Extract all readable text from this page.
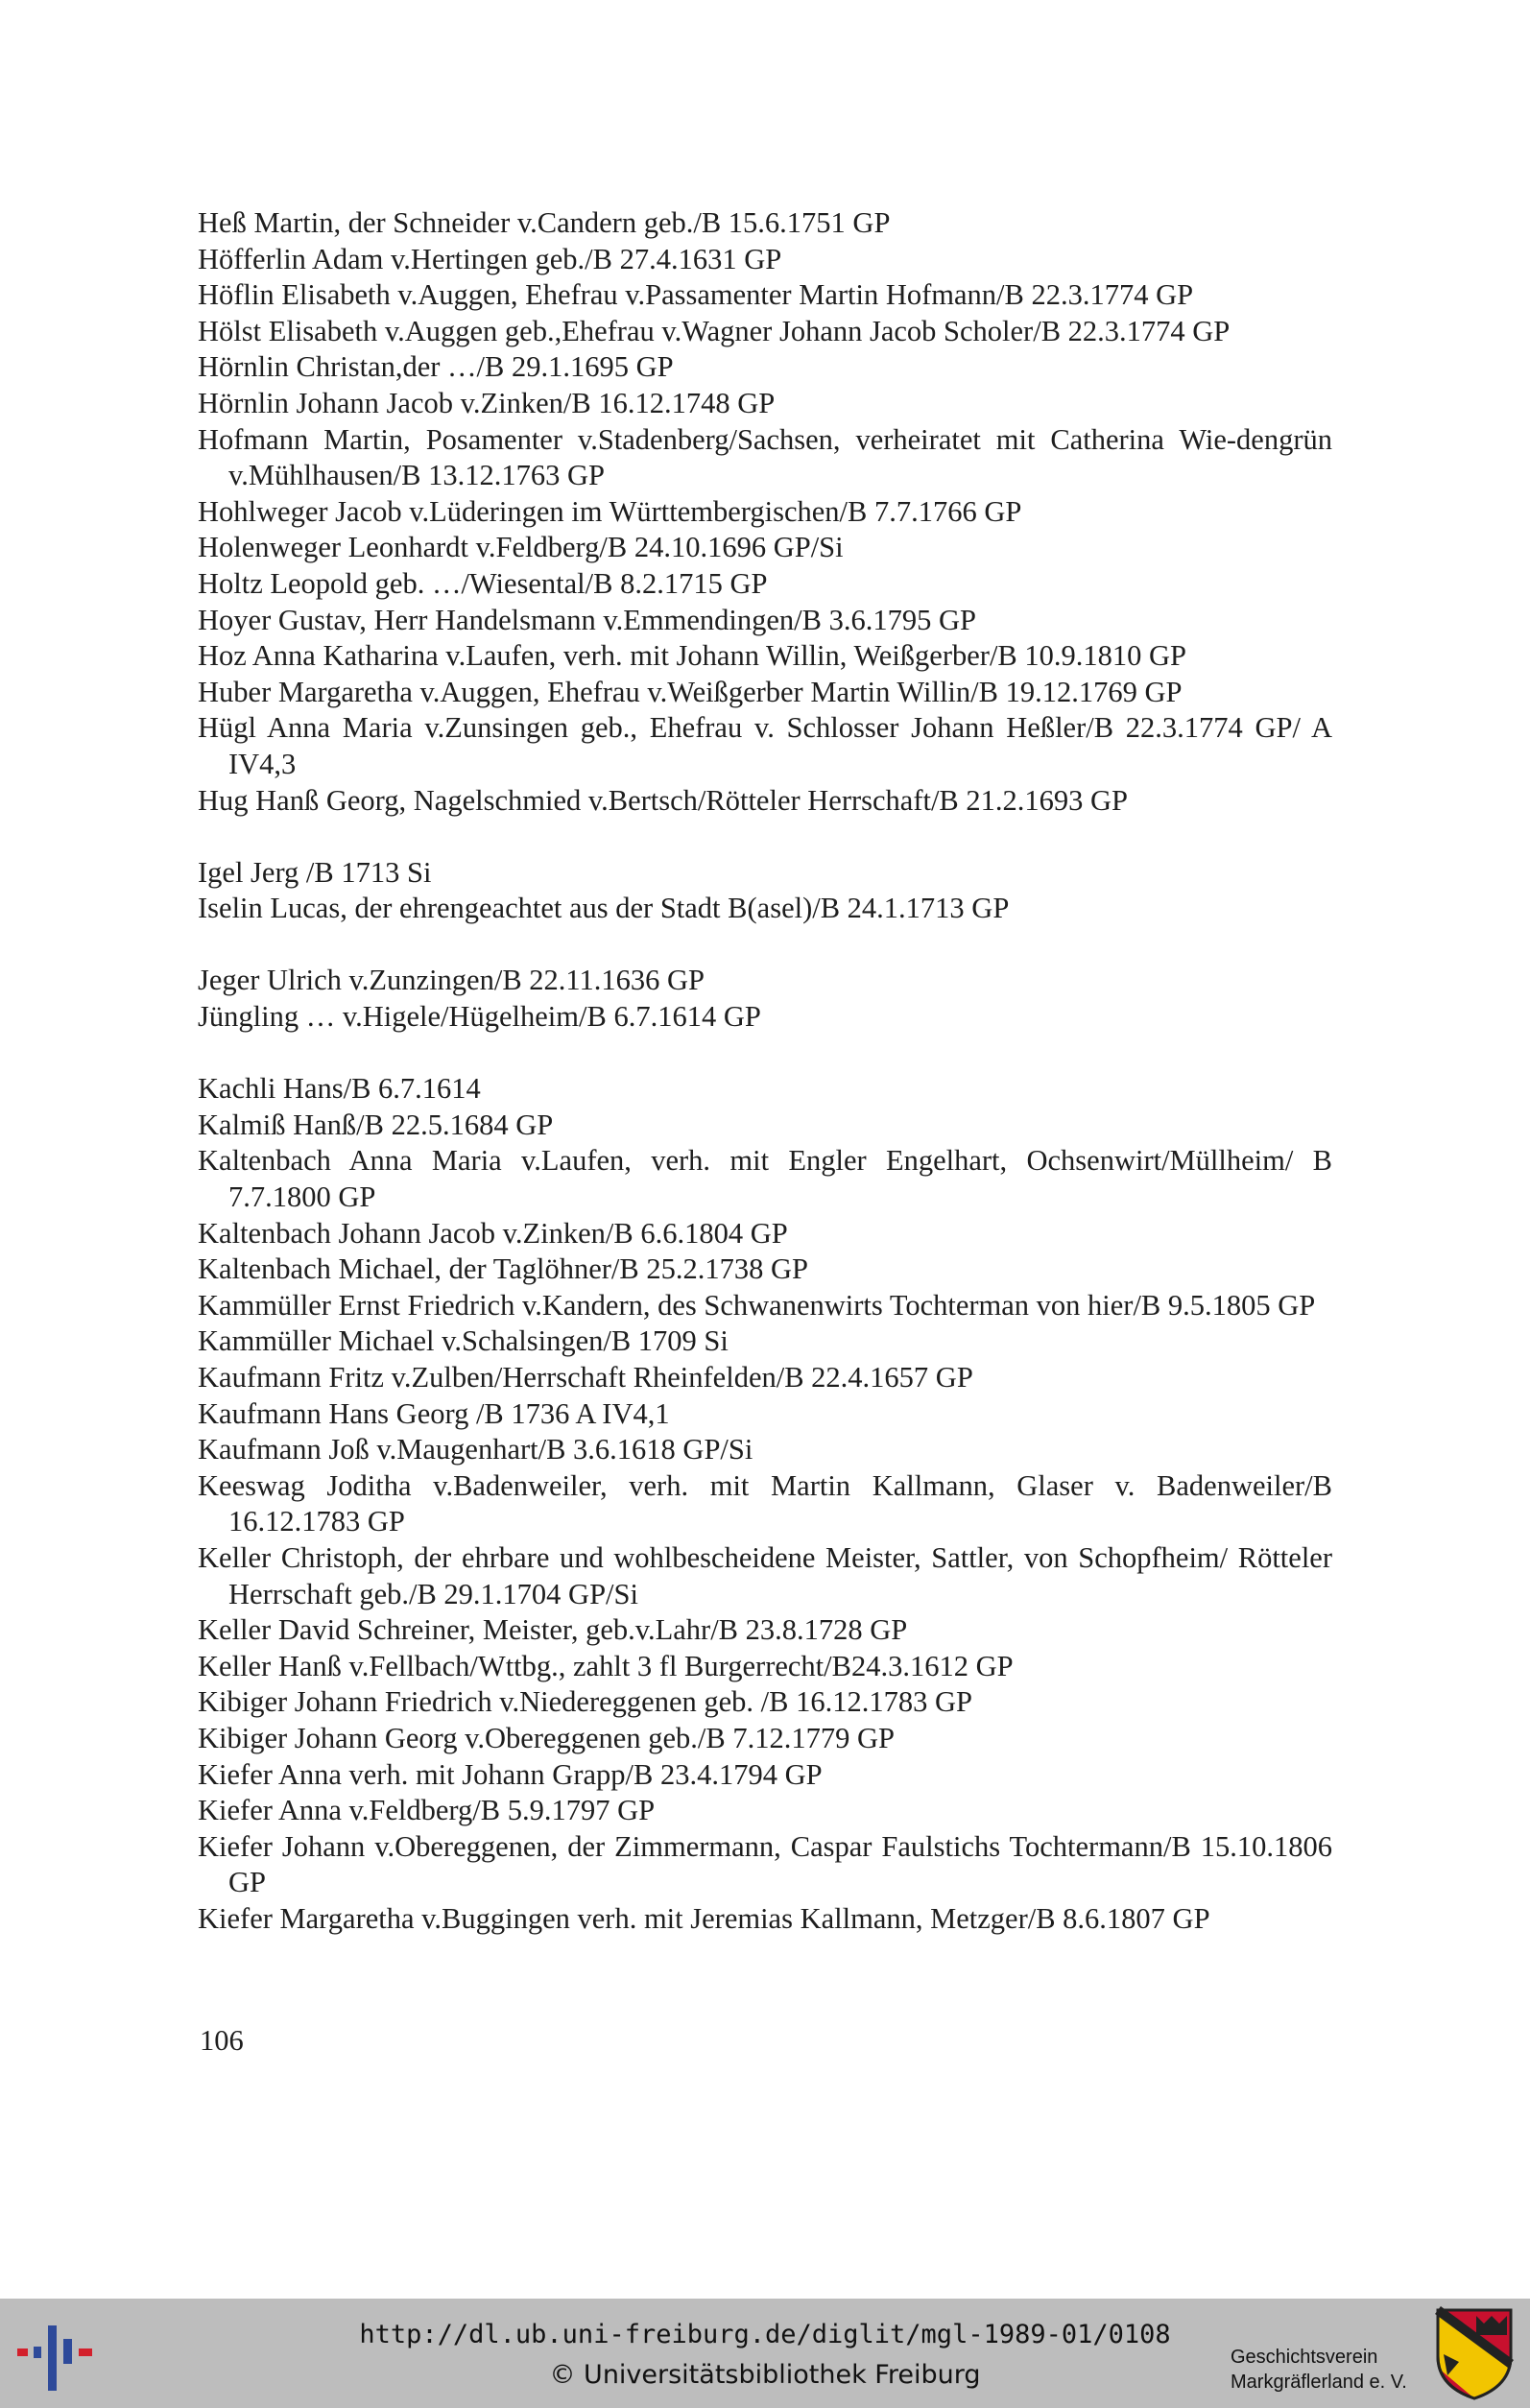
Heß Martin, der Schneider v.Candern geb./B 15.6.1751 GP

Höfferlin Adam v.Hertingen geb./B 27.4.1631 GP

Höflin Elisabeth v.Auggen, Ehefrau v.Passamenter Martin Hofmann/B 22.3.1774 GP

Hölst Elisabeth v.Auggen geb.,Ehefrau v.Wagner Johann Jacob Scholer/B 22.3.1774 GP

Hörnlin Christan,der …/B 29.1.1695 GP

Hörnlin Johann Jacob v.Zinken/B 16.12.1748 GP

Hofmann Martin, Posamenter v.Stadenberg/Sachsen, verheiratet mit Catherina Wie-dengrün v.Mühlhausen/B 13.12.1763 GP

Hohlweger Jacob v.Lüderingen im Württembergischen/B 7.7.1766 GP

Holenweger Leonhardt v.Feldberg/B 24.10.1696 GP/Si

Holtz Leopold geb. …/Wiesental/B 8.2.1715 GP

Hoyer Gustav, Herr Handelsmann v.Emmendingen/B 3.6.1795 GP

Hoz Anna Katharina v.Laufen, verh. mit Johann Willin, Weißgerber/B 10.9.1810 GP

Huber Margaretha v.Auggen, Ehefrau v.Weißgerber Martin Willin/B 19.12.1769 GP

Hügl Anna Maria v.Zunsingen geb., Ehefrau v. Schlosser Johann Heßler/B 22.3.1774 GP/ A IV4,3

Hug Hanß Georg, Nagelschmied v.Bertsch/Rötteler Herrschaft/B 21.2.1693 GP

Igel Jerg /B 1713 Si

Iselin Lucas, der ehrengeachtet aus der Stadt B(asel)/B 24.1.1713 GP

Jeger Ulrich v.Zunzingen/B 22.11.1636 GP

Jüngling … v.Higele/Hügelheim/B 6.7.1614 GP

Kachli Hans/B 6.7.1614

Kalmiß Hanß/B 22.5.1684 GP

Kaltenbach Anna Maria v.Laufen, verh. mit Engler Engelhart, Ochsenwirt/Müllheim/ B 7.7.1800 GP

Kaltenbach Johann Jacob v.Zinken/B 6.6.1804 GP

Kaltenbach Michael, der Taglöhner/B 25.2.1738 GP

Kammüller Ernst Friedrich v.Kandern, des Schwanenwirts Tochterman von hier/B 9.5.1805 GP

Kammüller Michael v.Schalsingen/B 1709 Si

Kaufmann Fritz v.Zulben/Herrschaft Rheinfelden/B 22.4.1657 GP

Kaufmann Hans Georg /B 1736 A IV4,1

Kaufmann Joß v.Maugenhart/B 3.6.1618 GP/Si

Keeswag Joditha v.Badenweiler, verh. mit Martin Kallmann, Glaser v. Badenweiler/B 16.12.1783 GP

Keller Christoph, der ehrbare und wohlbescheidene Meister, Sattler, von Schopfheim/ Rötteler Herrschaft geb./B 29.1.1704 GP/Si

Keller David Schreiner, Meister, geb.v.Lahr/B 23.8.1728 GP

Keller Hanß v.Fellbach/Wttbg., zahlt 3 fl Burgerrecht/B24.3.1612 GP

Kibiger Johann Friedrich v.Niedereggenen geb. /B 16.12.1783 GP

Kibiger Johann Georg v.Obereggenen geb./B 7.12.1779 GP

Kiefer Anna verh. mit Johann Grapp/B 23.4.1794 GP

Kiefer Anna v.Feldberg/B 5.9.1797 GP

Kiefer Johann v.Obereggenen, der Zimmermann, Caspar Faulstichs Tochtermann/B 15.10.1806 GP

Kiefer Margaretha v.Buggingen verh. mit Jeremias Kallmann, Metzger/B 8.6.1807 GP

106
http://dl.ub.uni-freiburg.de/diglit/mgl-1989-01/0108
© Universitätsbibliothek Freiburg
Geschichtsverein
Markgräflerland e. V.
